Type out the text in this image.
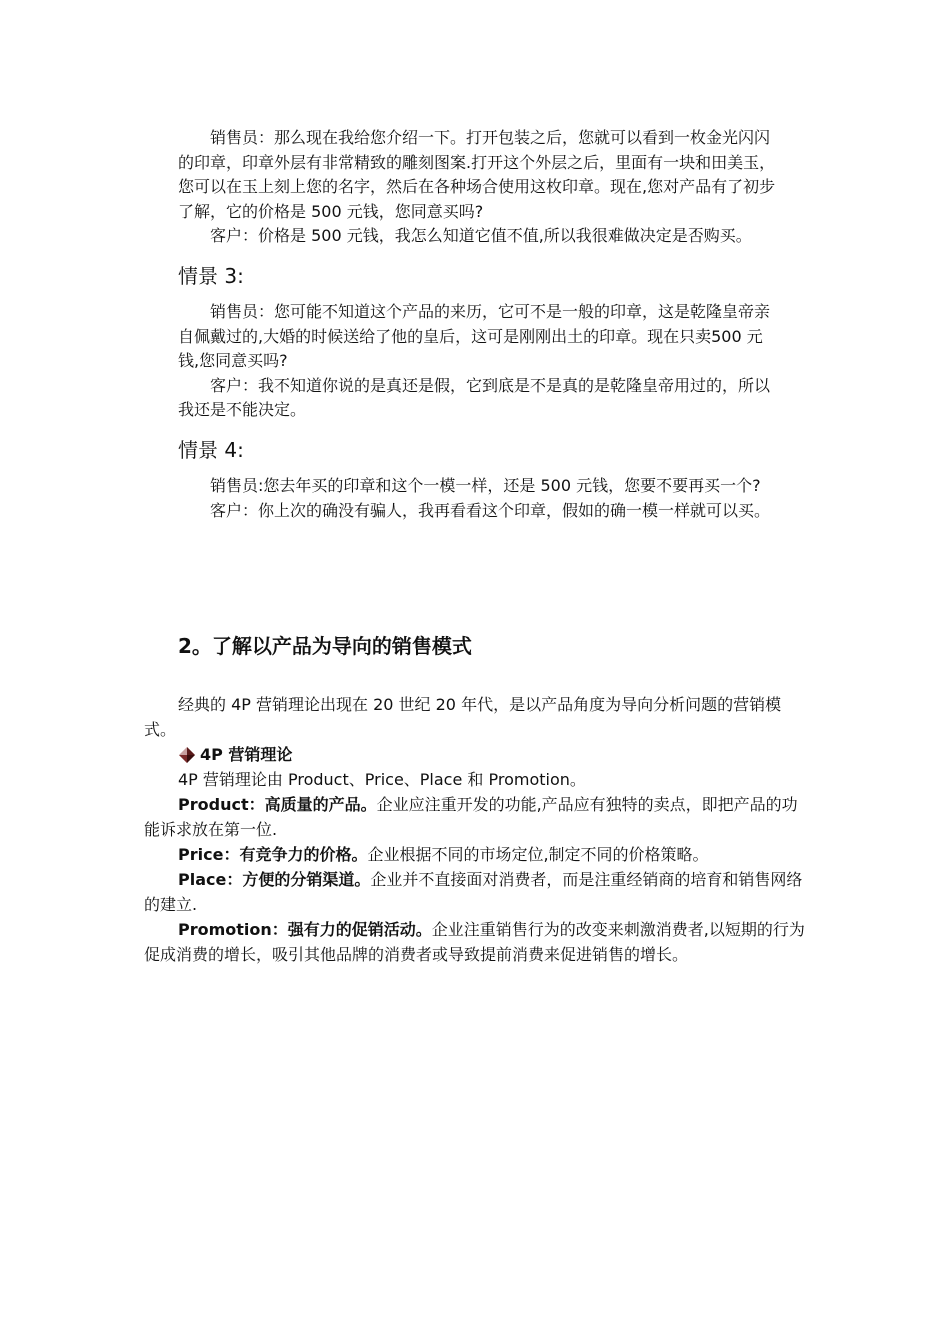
销售员：那么现在我给您介绍一下。打开包装之后，您就可以看到一枚金光闪闪的印章，印章外层有非常精致的雕刻图案.打开这个外层之后，里面有一块和田美玉，您可以在玉上刻上您的名字，然后在各种场合使用这枚印章。现在,您对产品有了初步了解，它的价格是 500 元钱，您同意买吗?

客户：价格是 500 元钱，我怎么知道它值不值,所以我很难做决定是否购买。

情景 3:

销售员：您可能不知道这个产品的来历，它可不是一般的印章，这是乾隆皇帝亲自佩戴过的,大婚的时候送给了他的皇后，这可是刚刚出土的印章。现在只卖500 元钱,您同意买吗?

客户：我不知道你说的是真还是假，它到底是不是真的是乾隆皇帝用过的，所以我还是不能决定。

情景 4:

销售员:您去年买的印章和这个一模一样，还是 500 元钱，您要不要再买一个?

客户：你上次的确没有骗人，我再看看这个印章，假如的确一模一样就可以买。

2。了解以产品为导向的销售模式

经典的 4P 营销理论出现在 20 世纪 20 年代，是以产品角度为导向分析问题的营销模式。

4P 营销理论

4P 营销理论由 Product、Price、Place 和 Promotion。

Product：高质量的产品。企业应注重开发的功能,产品应有独特的卖点，即把产品的功能诉求放在第一位.

Price：有竞争力的价格。企业根据不同的市场定位,制定不同的价格策略。

Place：方便的分销渠道。企业并不直接面对消费者，而是注重经销商的培育和销售网络的建立.

Promotion：强有力的促销活动。企业注重销售行为的改变来刺激消费者,以短期的行为促成消费的增长，吸引其他品牌的消费者或导致提前消费来促进销售的增长。
